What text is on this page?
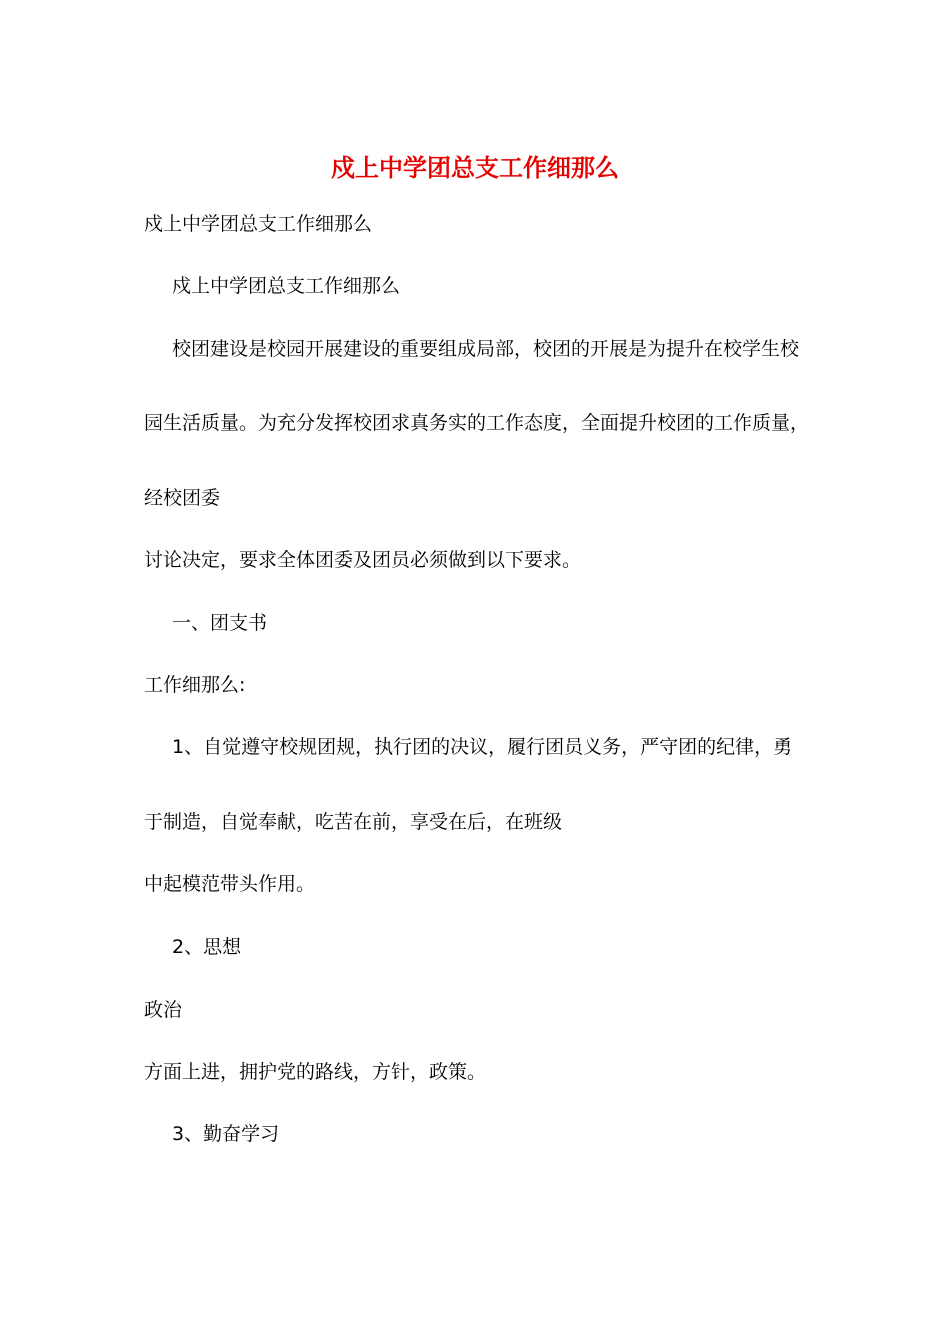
戍上中学团总支工作细那么
戍上中学团总支工作细那么
戍上中学团总支工作细那么
校团建设是校园开展建设的重要组成局部，校团的开展是为提升在校学生校
园生活质量。为充分发挥校团求真务实的工作态度，全面提升校团的工作质量，
经校团委
讨论决定，要求全体团委及团员必须做到以下要求。
一、团支书
工作细那么:
1、自觉遵守校规团规，执行团的决议，履行团员义务，严守团的纪律，勇
于制造，自觉奉献，吃苦在前，享受在后，在班级
中起模范带头作用。
2、思想
政治
方面上进，拥护党的路线，方针，政策。
3、勤奋学习
